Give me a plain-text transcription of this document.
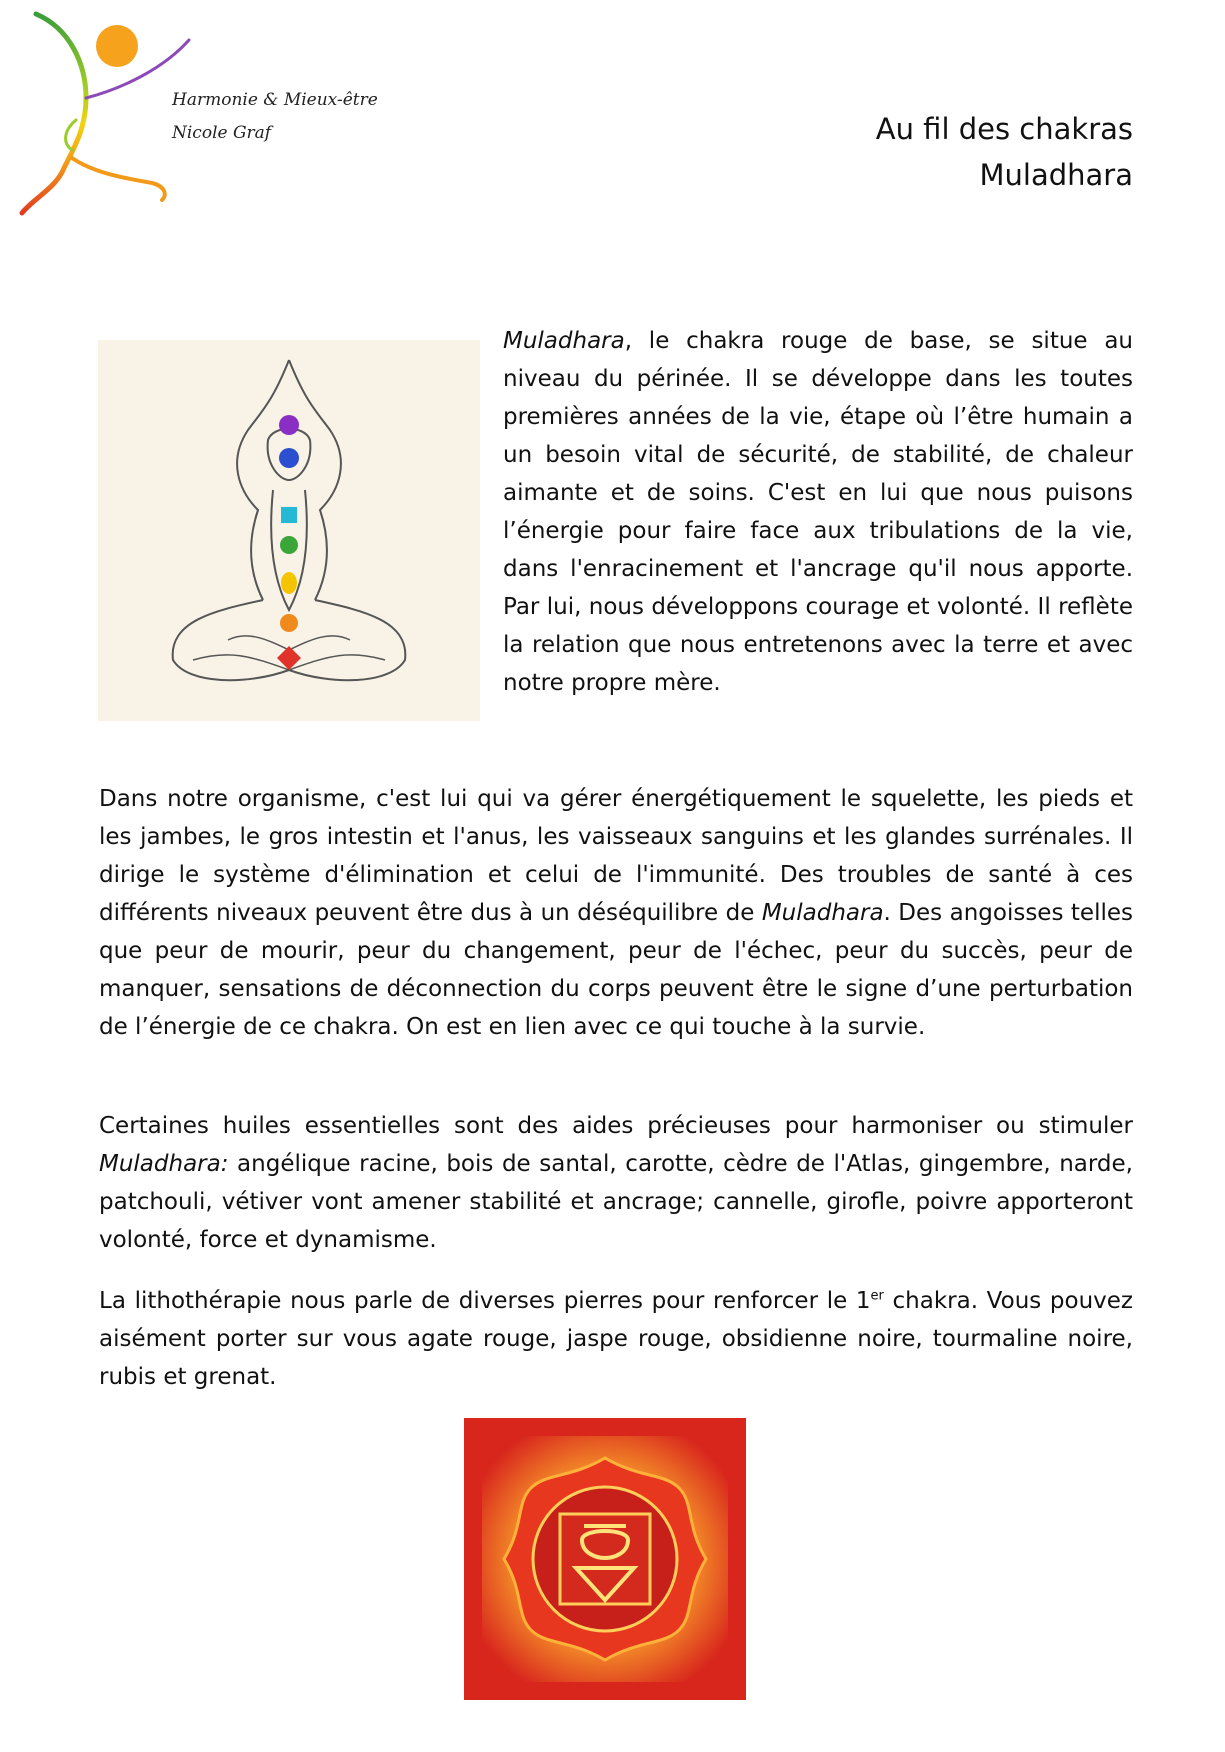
Harmonie & Mieux-être
Nicole Graf	Au fil des chakras
Muladhara

Muladhara, le chakra rouge de base, se situe au niveau du périnée. Il se développe dans les toutes premières années de la vie, étape où l’être humain a un besoin vital de sécurité, de stabilité, de chaleur aimante et de soins. C'est en lui que nous puisons l’énergie pour faire face aux tribulations de la vie, dans l'enracinement et l'ancrage qu'il nous apporte. Par lui, nous développons courage et volonté. Il reflète la relation que nous entretenons avec la terre et avec notre propre mère.

Dans notre organisme, c'est lui qui va gérer énergétiquement le squelette, les pieds et les jambes, le gros intestin et l'anus, les vaisseaux sanguins et les glandes surrénales. Il dirige le système d'élimination et celui de l'immunité. Des troubles de santé à ces différents niveaux peuvent être dus à un déséquilibre de Muladhara. Des angoisses telles que peur de mourir, peur du changement, peur de l'échec, peur du succès, peur de manquer, sensations de déconnection du corps peuvent être le signe d’une perturbation de l’énergie de ce chakra. On est en lien avec ce qui touche à la survie.

Certaines huiles essentielles sont des aides précieuses pour harmoniser ou stimuler Muladhara: angélique racine, bois de santal, carotte, cèdre de l'Atlas, gingembre, narde, patchouli, vétiver vont amener stabilité et ancrage; cannelle, girofle, poivre apporteront volonté, force et dynamisme.

La lithothérapie nous parle de diverses pierres pour renforcer le 1er chakra. Vous pouvez aisément porter sur vous agate rouge, jaspe rouge, obsidienne noire, tourmaline noire, rubis et grenat.
